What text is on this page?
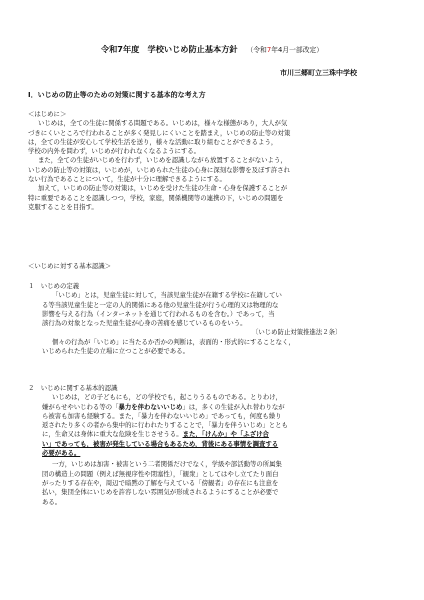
令和7年度　学校いじめ防止基本方針 （令和7年4月一部改定）
市川三郷町立三珠中学校
Ⅰ．いじめの防止等のための対策に関する基本的な考え方
＜はじめに＞
いじめは，全ての生徒に関係する問題である。いじめは，様々な様態があり，大人が気
づきにくいところで行われることが多く発見しにくいことを踏まえ，いじめの防止等の対策
は，全ての生徒が安心して学校生活を送り，様々な活動に取り組むことができるよう，
学校の内外を問わず，いじめが行われなくなるようにする。
また，全ての生徒がいじめを行わず，いじめを認識しながら放置することがないよう，
いじめの防止等の対策は，いじめが，いじめられた生徒の心身に深刻な影響を及ぼす許され
ない行為であることについて，生徒が十分に理解できるようにする。
加えて，いじめの防止等の対策は，いじめを受けた生徒の生命・心身を保護することが
特に重要であることを認識しつつ，学校，家庭，関係機関等の連携の下，いじめの問題を
克服することを目指す。
＜いじめに対する基本認識＞
１　いじめの定義
「いじめ」とは，児童生徒に対して，当該児童生徒が在籍する学校に在籍してい
る等当該児童生徒と一定の人的関係にある他の児童生徒が行う心理的又は物理的な
影響を与える行為（インターネットを通じて行われるものを含む。）であって，当
該行為の対象となった児童生徒が心身の苦痛を感じているものをいう。
〔いじめ防止対策推進法２条〕
個々の行為が「いじめ」に当たるか否かの判断は，表面的・形式的にすることなく，
いじめられた生徒の立場に立つことが必要である。
２　いじめに関する基本的認識
いじめは，どの子どもにも，どの学校でも，起こりうるものである。とりわけ，
嫌がらせやいじわる等の「暴力を伴わないいじめ」は，多くの生徒が入れ替わりなが
ら被害も加害も経験する。また，「暴力を伴わないいじめ」であっても，何度も繰り
返されたり多くの者から集中的に行われたりすることで，「暴力を伴ういじめ」ととも
に，生命又は身体に重大な危険を生じさせうる。また，「けんか」や「ふざけ合
い」であっても，被害が発生している場合もあるため，背後にある事情を調査する
必要がある。
一方，いじめは加害・被害という二者関係だけでなく，学級や部活動等の所属集
団の構造上の問題（例えば無視序性や閉塞性），「観衆」としてはやし立てたり面白
がったりする存在や，周辺で暗黙の了解を与えている「傍観者」の存在にも注意を
払い，集団全体にいじめを許容しない雰囲気が形成されるようにすることが必要で
ある。
